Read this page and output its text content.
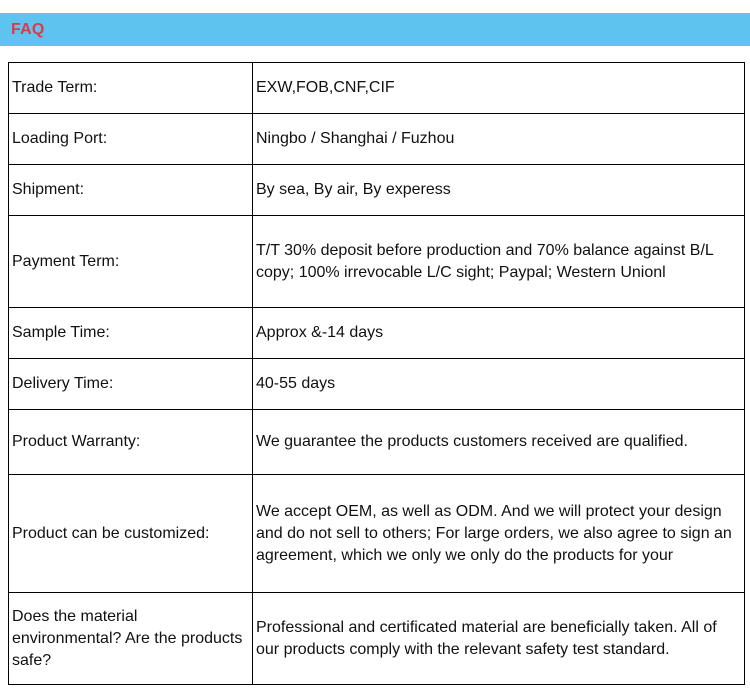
FAQ
Trade Term:	EXW,FOB,CNF,CIF
Loading Port:	Ningbo / Shanghai / Fuzhou
Shipment:	By sea, By air, By experess
Payment Term:	T/T 30% deposit before production and 70% balance against B/L copy; 100% irrevocable L/C sight; Paypal; Western Unionl
Sample Time:	Approx &-14 days
Delivery Time:	40-55 days
Product Warranty:	We guarantee the products customers received are qualified.
Product can be customized:	We accept OEM, as well as ODM. And we will protect your design and do not sell to others; For large orders, we also agree to sign an agreement, which we only we only do the products for your
Does the material environmental? Are the products safe?	Professional and certificated material are beneficially taken. All of our products comply with the relevant safety test standard.
